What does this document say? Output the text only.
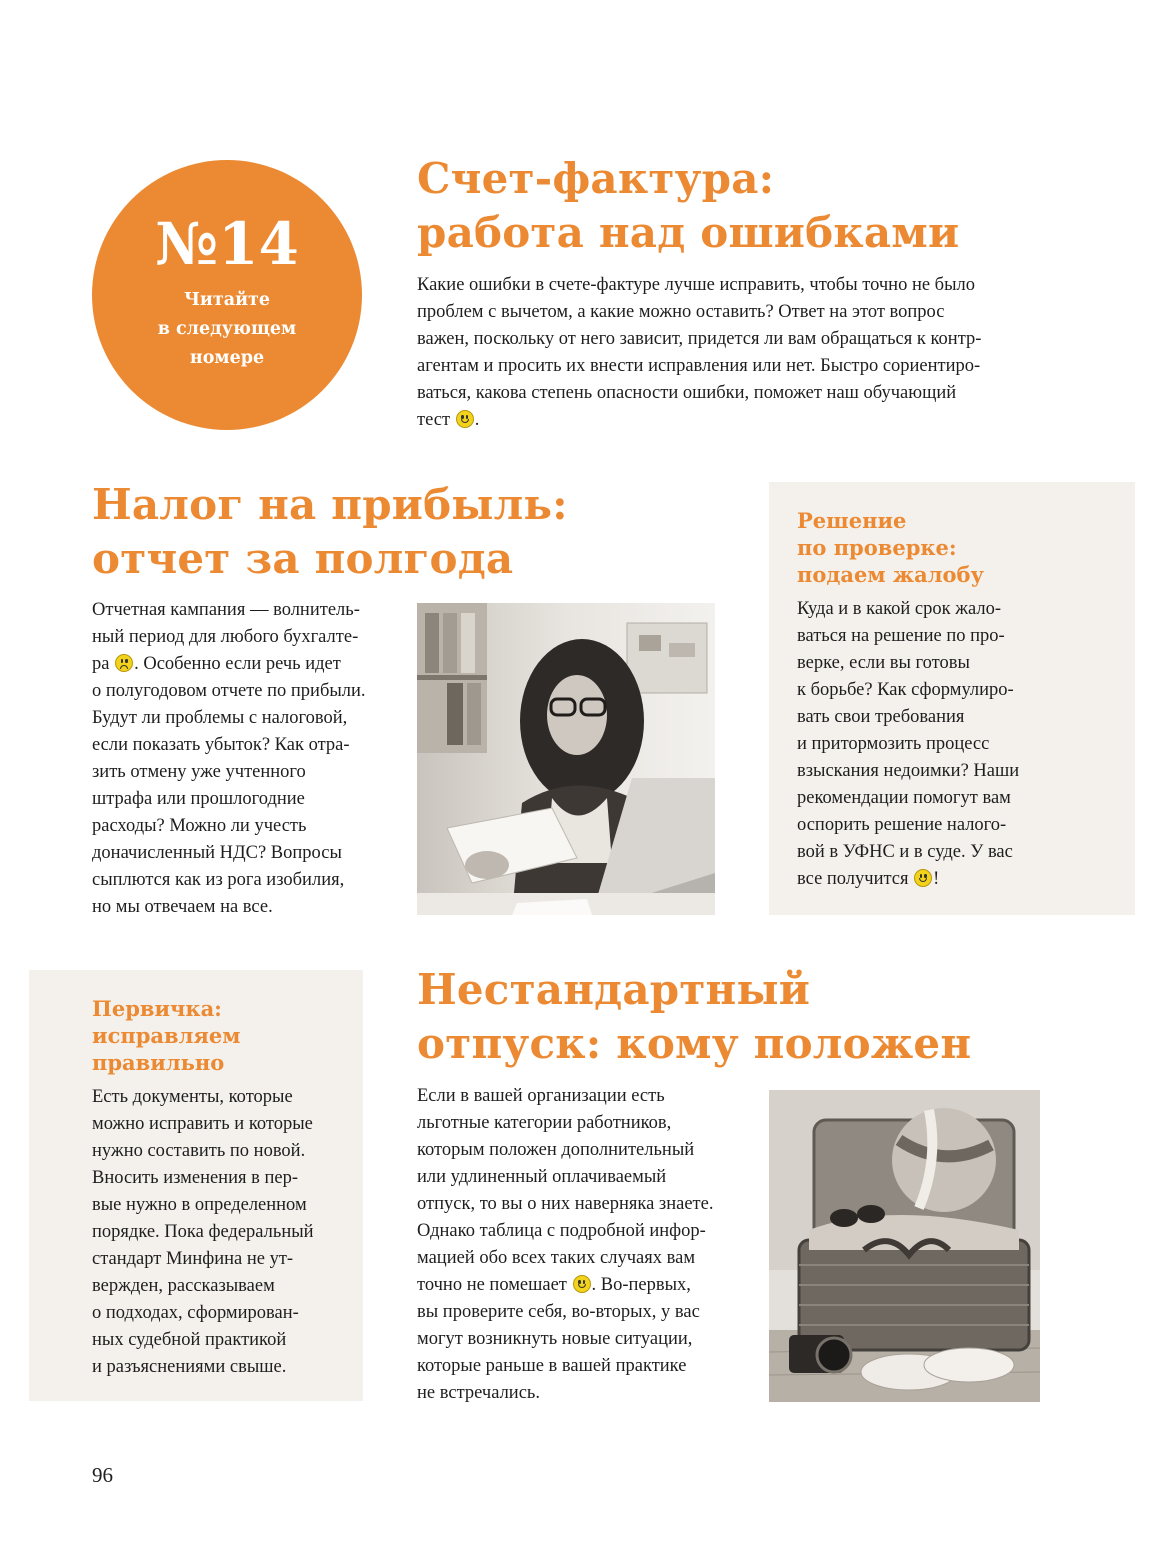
№14
Читайте
в следующем
номере
Счет-фактура:
работа над ошибками

Какие ошибки в счете-фактуре лучше исправить, чтобы точно не было
проблем с вычетом, а какие можно оставить? Ответ на этот вопрос
важен, поскольку от него зависит, придется ли вам обращаться к контр-
агентам и просить их внести исправления или нет. Быстро сориентиро-
ваться, какова степень опасности ошибки, поможет наш обучающий
тест .

Налог на прибыль:
отчет за полгода

Отчетная кампания — волнитель-
ный период для любого бухгалте-
ра . Особенно если речь идет
о полугодовом отчете по прибыли.
Будут ли проблемы с налоговой,
если показать убыток? Как отра-
зить отмену уже учтенного
штрафа или прошлогодние
расходы? Можно ли учесть
доначисленный НДС? Вопросы
сыплются как из рога изобилия,
но мы отвечаем на все.

Решение
по проверке:
подаем жалобу

Куда и в какой срок жало-
ваться на решение по про-
верке, если вы готовы
к борьбе? Как сформулиро-
вать свои требования
и притормозить процесс
взыскания недоимки? Наши
рекомендации помогут вам
оспорить решение налого-
вой в УФНС и в суде. У вас
все получится !

Первичка:
исправляем
правильно

Есть документы, которые
можно исправить и которые
нужно составить по новой.
Вносить изменения в пер-
вые нужно в определенном
порядке. Пока федеральный
стандарт Минфина не ут-
вержден, рассказываем
о подходах, сформирован-
ных судебной практикой
и разъяснениями свыше.

Нестандартный
отпуск: кому положен

Если в вашей организации есть
льготные категории работников,
которым положен дополнительный
или удлиненный оплачиваемый
отпуск, то вы о них наверняка знаете.
Однако таблица с подробной инфор-
мацией обо всех таких случаях вам
точно не помешает . Во-первых,
вы проверите себя, во-вторых, у вас
могут возникнуть новые ситуации,
которые раньше в вашей практике
не встречались.

96
